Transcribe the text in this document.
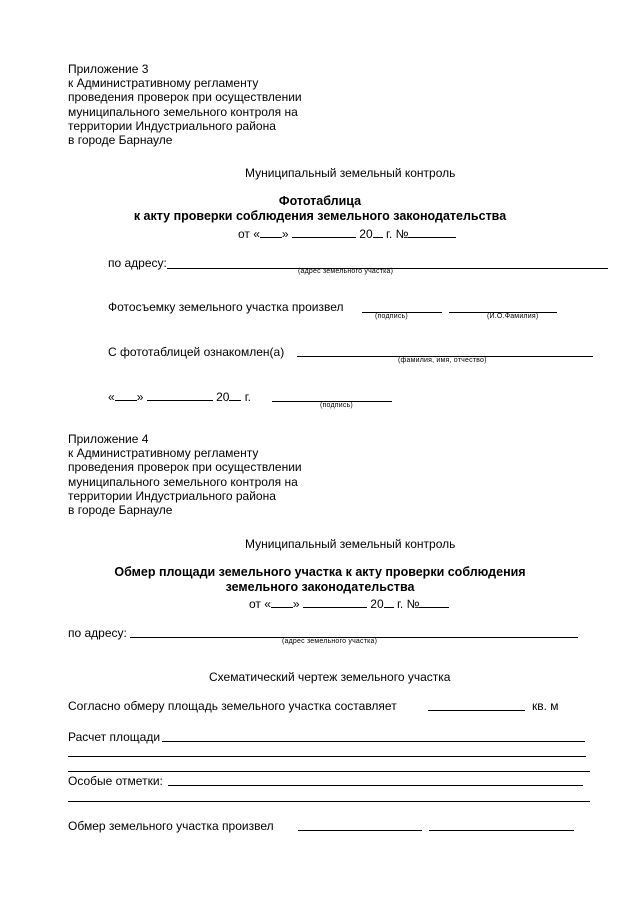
Приложение 3
к Административному регламенту
проведения проверок при осуществлении
муниципального земельного контроля на
территории Индустриального района
в городе Барнауле
Муниципальный земельный контроль
Фототаблица
к акту проверки соблюдения земельного законодательства
от « »	20 г. №
по адресу:
(адрес земельного участка)
Фотосъемку земельного участка произвел
(подпись)	(И.О.Фамилия)
С фототаблицей ознакомлен(а)
(фамилия, имя, отчество)
« »	20 г.
(подпись)
Приложение 4
к Административному регламенту
проведения проверок при осуществлении
муниципального земельного контроля на
территории Индустриального района
в городе Барнауле
Муниципальный земельный контроль
Обмер площади земельного участка к акту проверки соблюдения
земельного законодательства
от « »	20 г. №
по адресу:
(адрес земельного участка)
Схематический чертеж земельного участка
Согласно обмеру площадь земельного участка составляет	кв. м
Расчет площади
Особые отметки:
Обмер земельного участка произвел
